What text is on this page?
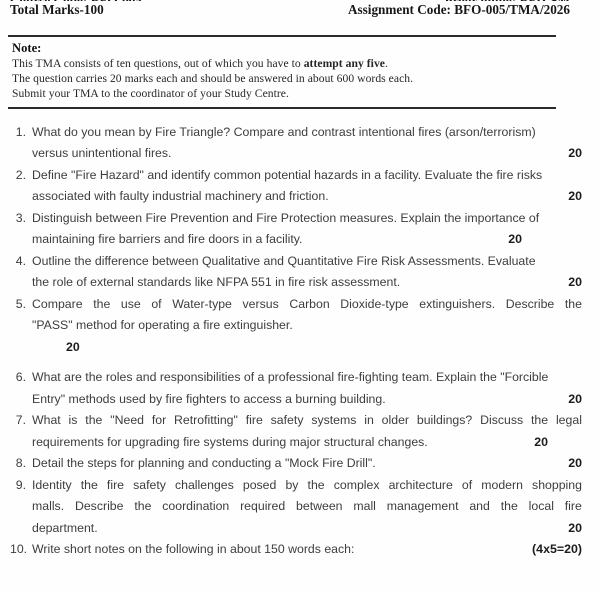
Total Marks-100	Assignment Code: BFO-005/TMA/2026
Note:
This TMA consists of ten questions, out of which you have to attempt any five.
The question carries 20 marks each and should be answered in about 600 words each.
Submit your TMA to the coordinator of your Study Centre.
1. What do you mean by Fire Triangle? Compare and contrast intentional fires (arson/terrorism)
versus unintentional fires.	20
2. Define "Fire Hazard" and identify common potential hazards in a facility. Evaluate the fire risks
associated with faulty industrial machinery and friction.	20
3. Distinguish between Fire Prevention and Fire Protection measures. Explain the importance of
maintaining fire barriers and fire doors in a facility.	20
4. Outline the difference between Qualitative and Quantitative Fire Risk Assessments. Evaluate
the role of external standards like NFPA 551 in fire risk assessment.	20
5. Compare the use of Water-type versus Carbon Dioxide-type extinguishers. Describe the
"PASS" method for operating a fire extinguisher.
20
6. What are the roles and responsibilities of a professional fire-fighting team. Explain the "Forcible
Entry" methods used by fire fighters to access a burning building.	20
7. What is the "Need for Retrofitting" fire safety systems in older buildings? Discuss the legal
requirements for upgrading fire systems during major structural changes.	20
8. Detail the steps for planning and conducting a "Mock Fire Drill".	20
9. Identity the fire safety challenges posed by the complex architecture of modern shopping
malls. Describe the coordination required between mall management and the local fire
department.	20
10. Write short notes on the following in about 150 words each:	(4x5=20)
